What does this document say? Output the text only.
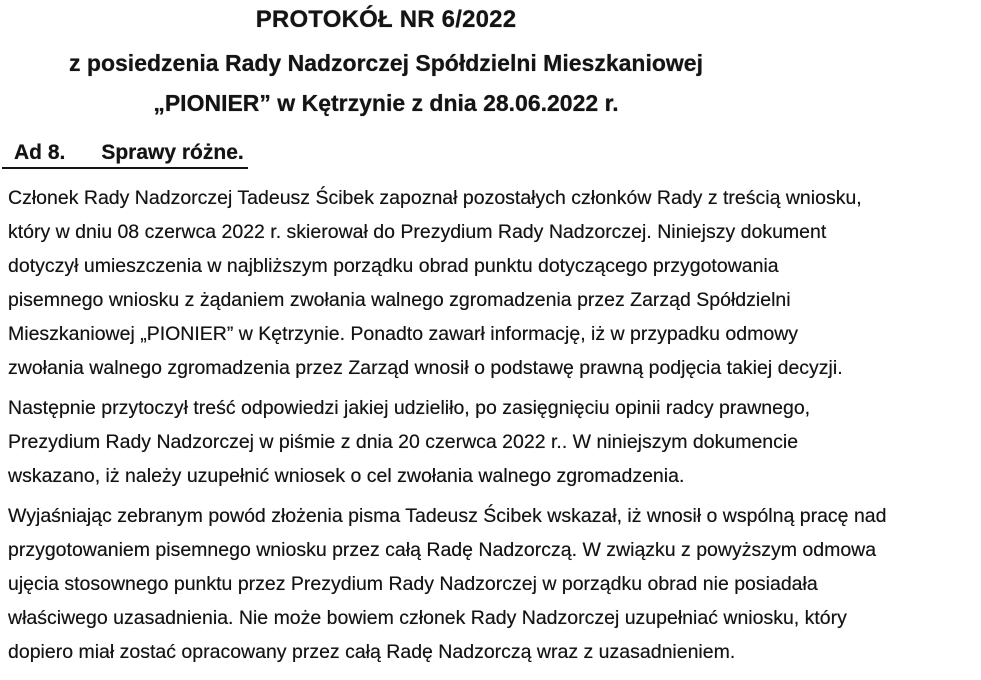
PROTOKÓŁ NR 6/2022
z posiedzenia Rady Nadzorczej Spółdzielni Mieszkaniowej
„PIONIER” w Kętrzynie z dnia 28.06.2022 r.
Ad 8. Sprawy różne.
Członek Rady Nadzorczej Tadeusz Ścibek zapoznał pozostałych członków Rady z treścią wniosku,
który w dniu 08 czerwca 2022 r. skierował do Prezydium Rady Nadzorczej. Niniejszy dokument
dotyczył umieszczenia w najbliższym porządku obrad punktu dotyczącego przygotowania
pisemnego wniosku z żądaniem zwołania walnego zgromadzenia przez Zarząd Spółdzielni
Mieszkaniowej „PIONIER” w Kętrzynie. Ponadto zawarł informację, iż w przypadku odmowy
zwołania walnego zgromadzenia przez Zarząd wnosił o podstawę prawną podjęcia takiej decyzji.
Następnie przytoczył treść odpowiedzi jakiej udzieliło, po zasięgnięciu opinii radcy prawnego,
Prezydium Rady Nadzorczej w piśmie z dnia 20 czerwca 2022 r.. W niniejszym dokumencie
wskazano, iż należy uzupełnić wniosek o cel zwołania walnego zgromadzenia.
Wyjaśniając zebranym powód złożenia pisma Tadeusz Ścibek wskazał, iż wnosił o wspólną pracę nad
przygotowaniem pisemnego wniosku przez całą Radę Nadzorczą. W związku z powyższym odmowa
ujęcia stosownego punktu przez Prezydium Rady Nadzorczej w porządku obrad nie posiadała
właściwego uzasadnienia. Nie może bowiem członek Rady Nadzorczej uzupełniać wniosku, który
dopiero miał zostać opracowany przez całą Radę Nadzorczą wraz z uzasadnieniem.
